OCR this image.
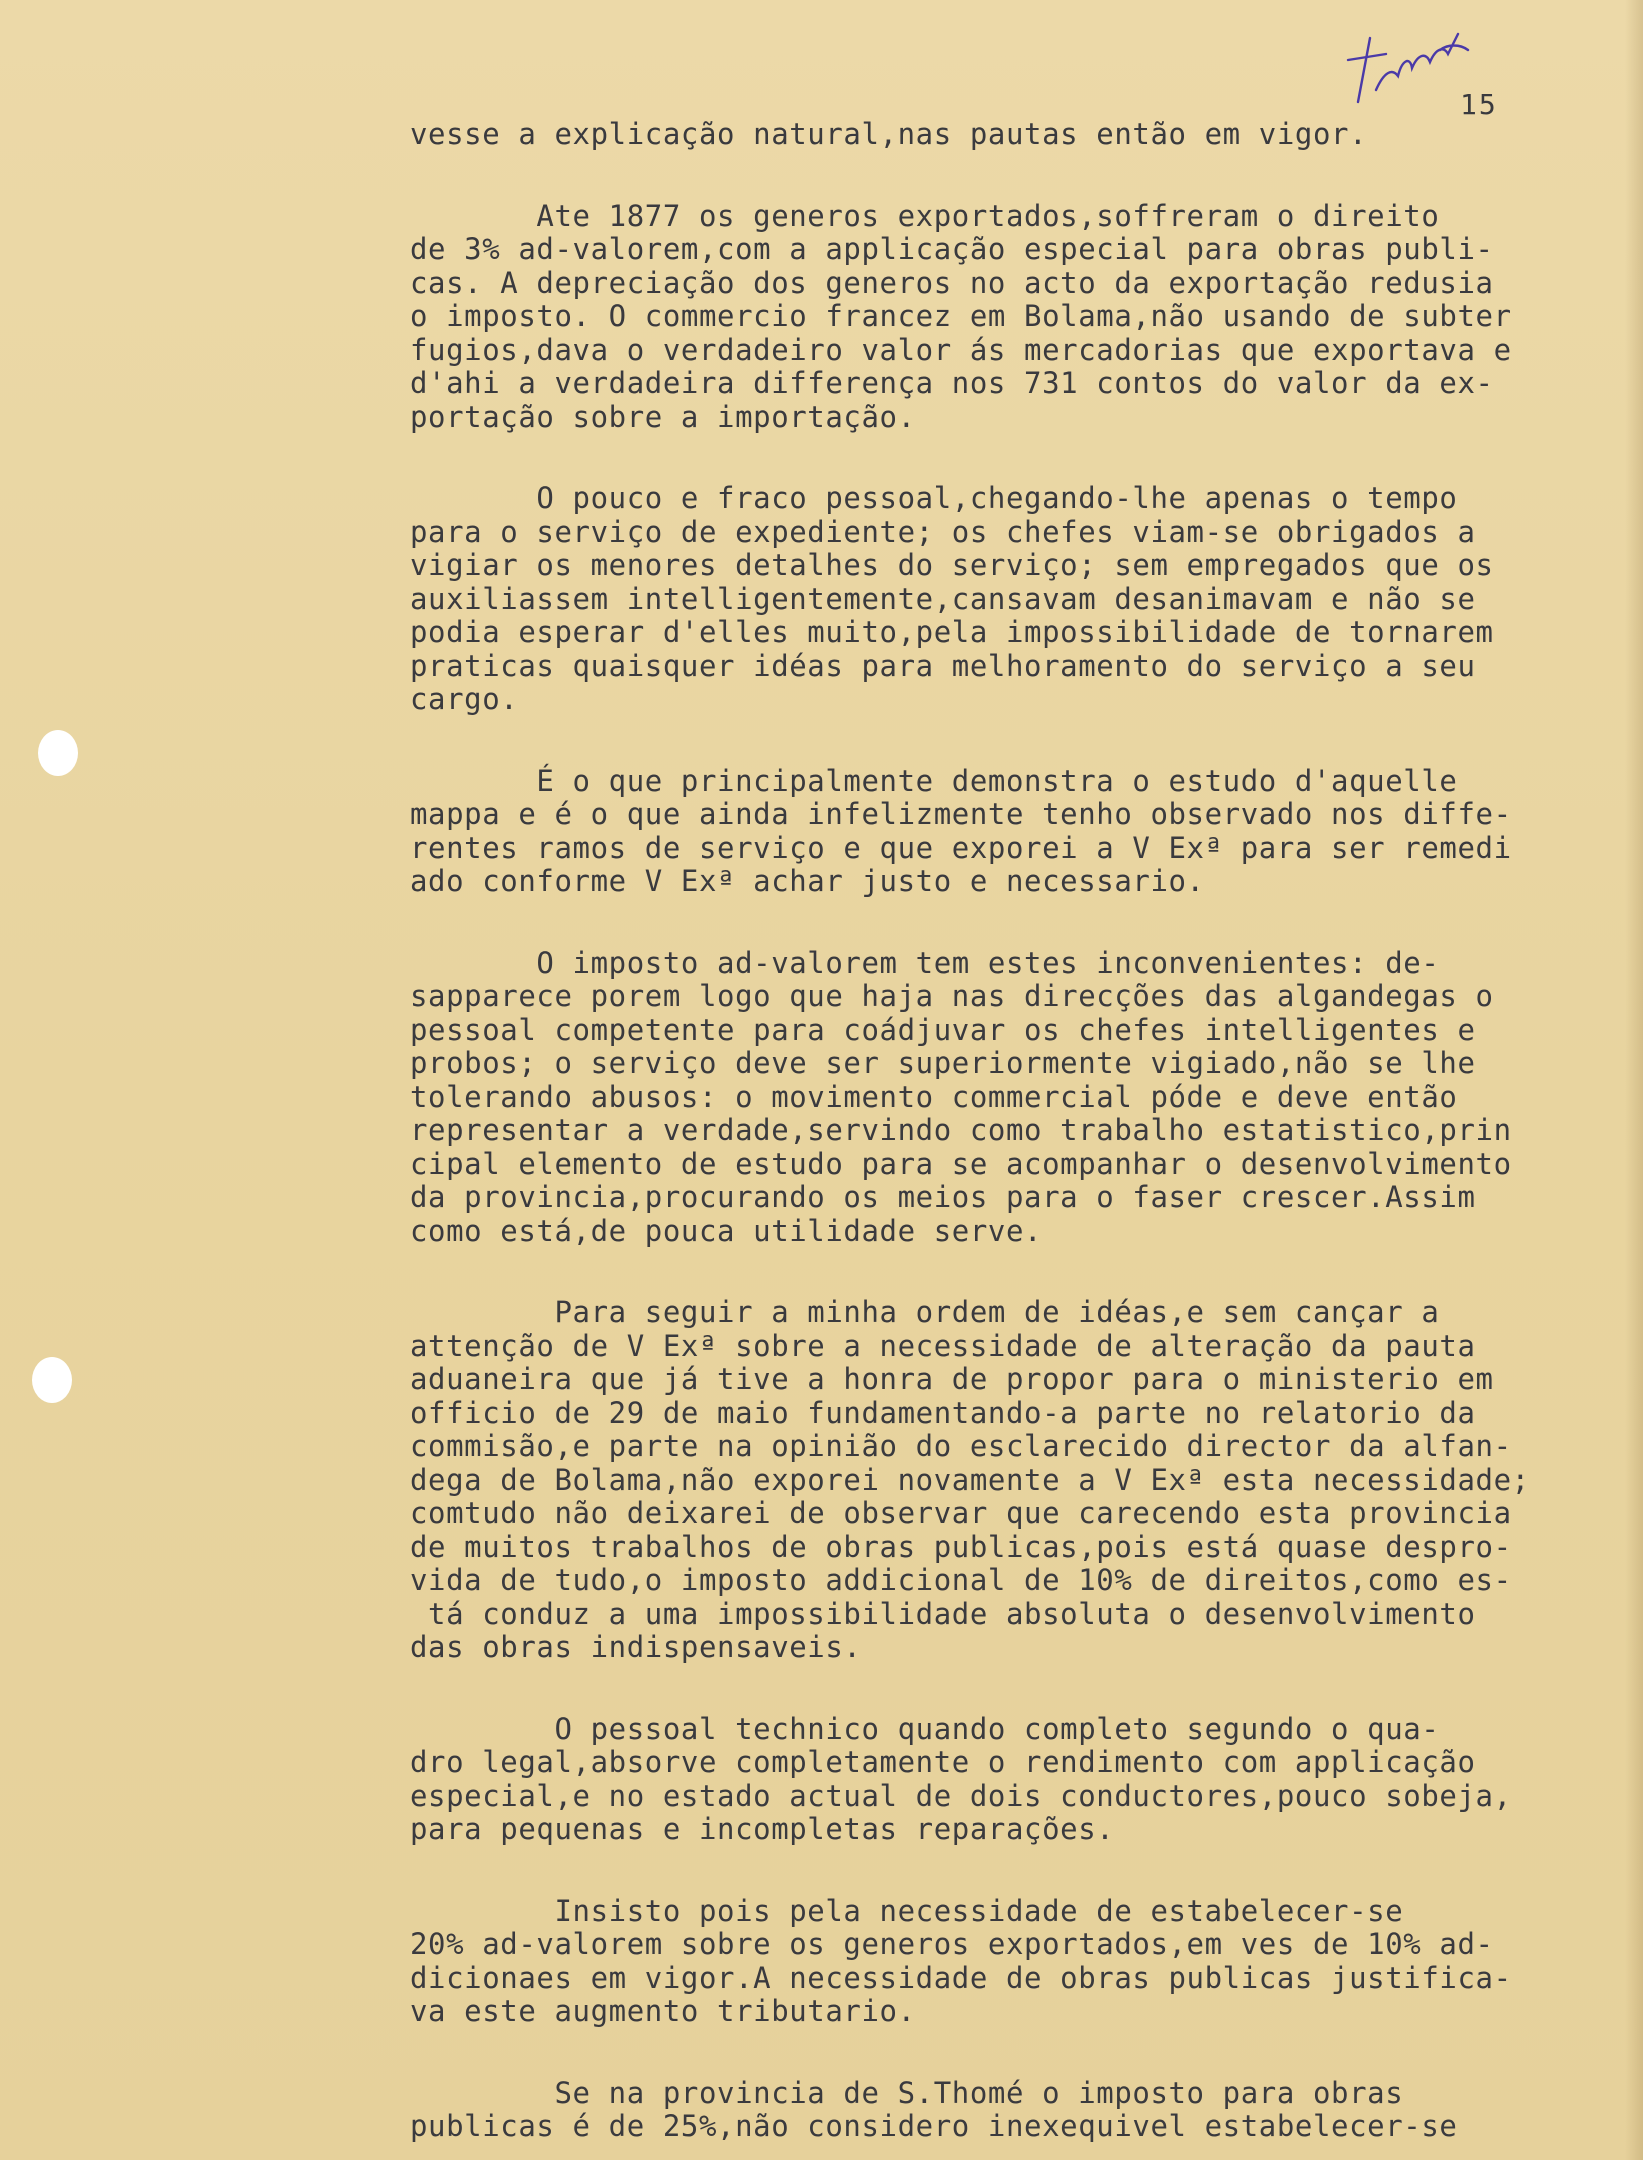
15
vesse a explicação natural,nas pautas então em vigor.
Ate 1877 os generos exportados,soffreram o direito
de 3% ad-valorem,com a applicação especial para obras publi-
cas. A depreciação dos generos no acto da exportação redusia
o imposto. O commercio francez em Bolama,não usando de subter
fugios,dava o verdadeiro valor ás mercadorias que exportava e
d'ahi a verdadeira differença nos 731 contos do valor da ex-
portação sobre a importação.
O pouco e fraco pessoal,chegando-lhe apenas o tempo
para o serviço de expediente; os chefes viam-se obrigados a
vigiar os menores detalhes do serviço; sem empregados que os
auxiliassem intelligentemente,cansavam desanimavam e não se
podia esperar d'elles muito,pela impossibilidade de tornarem
praticas quaisquer idéas para melhoramento do serviço a seu
cargo.
É o que principalmente demonstra o estudo d'aquelle
mappa e é o que ainda infelizmente tenho observado nos diffe-
rentes ramos de serviço e que exporei a V Exª para ser remedi
ado conforme V Exª achar justo e necessario.
O imposto ad-valorem tem estes inconvenientes: de-
sapparece porem logo que haja nas direcções das algandegas o
pessoal competente para coádjuvar os chefes intelligentes e
probos; o serviço deve ser superiormente vigiado,não se lhe
tolerando abusos: o movimento commercial póde e deve então
representar a verdade,servindo como trabalho estatistico,prin
cipal elemento de estudo para se acompanhar o desenvolvimento
da provincia,procurando os meios para o faser crescer.Assim
como está,de pouca utilidade serve.
Para seguir a minha ordem de idéas,e sem cançar a
attenção de V Exª sobre a necessidade de alteração da pauta
aduaneira que já tive a honra de propor para o ministerio em
officio de 29 de maio fundamentando-a parte no relatorio da
commisão,e parte na opinião do esclarecido director da alfan-
dega de Bolama,não exporei novamente a V Exª esta necessidade;
comtudo não deixarei de observar que carecendo esta provincia
de muitos trabalhos de obras publicas,pois está quase despro-
vida de tudo,o imposto addicional de 10% de direitos,como es-
tá conduz a uma impossibilidade absoluta o desenvolvimento
das obras indispensaveis.
O pessoal technico quando completo segundo o qua-
dro legal,absorve completamente o rendimento com applicação
especial,e no estado actual de dois conductores,pouco sobeja,
para pequenas e incompletas reparações.
Insisto pois pela necessidade de estabelecer-se
20% ad-valorem sobre os generos exportados,em ves de 10% ad-
dicionaes em vigor.A necessidade de obras publicas justifica-
va este augmento tributario.
Se na provincia de S.Thomé o imposto para obras
publicas é de 25%,não considero inexequivel estabelecer-se
